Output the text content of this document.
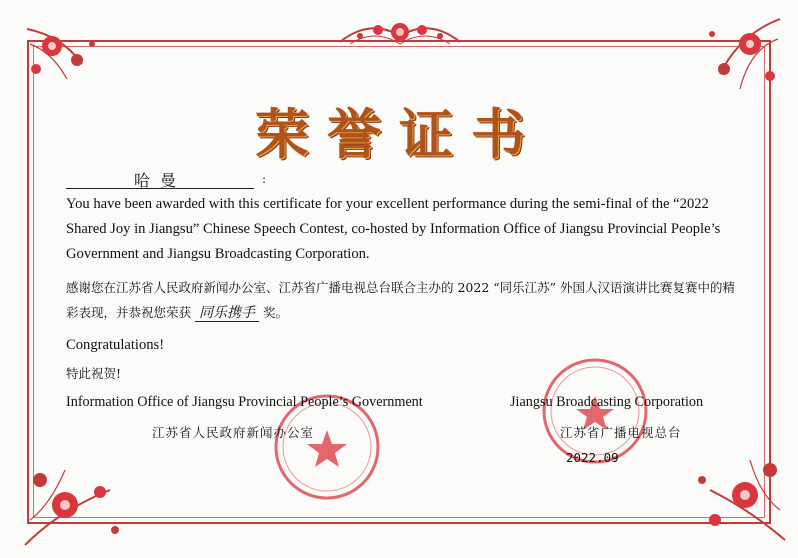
荣誉证书
哈曼	:
You have been awarded with this certificate for your excellent performance during the semi-final of the “2022 Shared Joy in Jiangsu” Chinese Speech Contest, co-hosted by Information Office of Jiangsu Provincial People’s Government and Jiangsu Broadcasting Corporation.
感谢您在江苏省人民政府新闻办公室、江苏省广播电视总台联合主办的 2022 “同乐江苏” 外国人汉语演讲比赛复赛中的精彩表现，并恭祝您荣获 同乐携手 奖。
Congratulations!
特此祝贺!
Information Office of Jiangsu Provincial People’s Government
江苏省人民政府新闻办公室
Jiangsu Broadcasting Corporation
江苏省广播电视总台
2022.09
